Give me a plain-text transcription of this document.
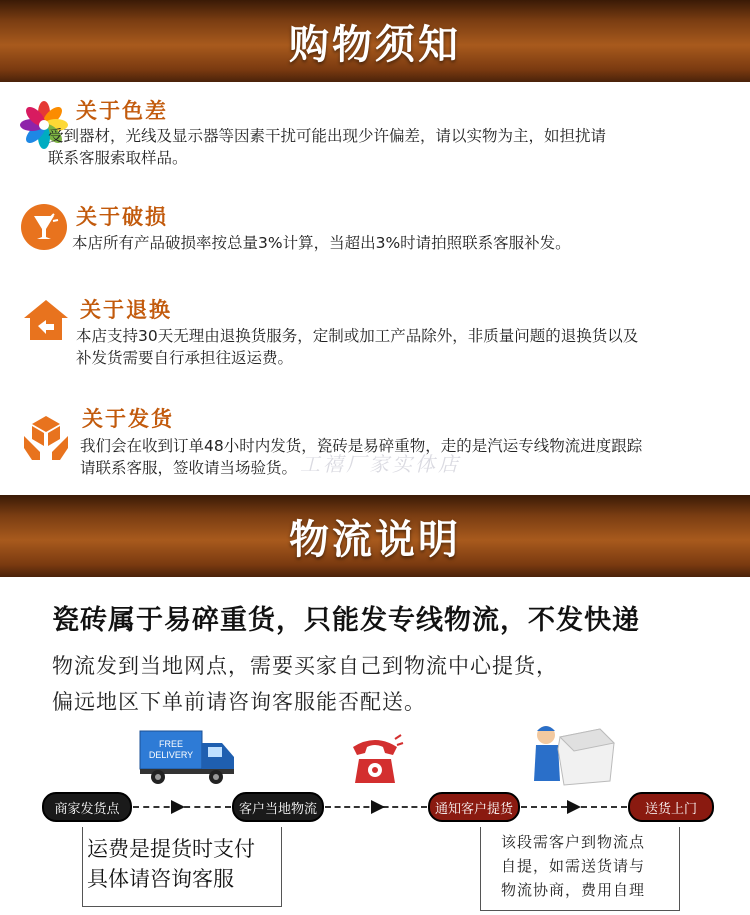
购物须知
关于色差
受到器材，光线及显示器等因素干扰可能出现少许偏差，请以实物为主，如担扰请
联系客服索取样品。
关于破损
本店所有产品破损率按总量3%计算，当超出3%时请拍照联系客服补发。
关于退换
本店支持30天无理由退换货服务，定制或加工产品除外，非质量问题的退换货以及
补发货需要自行承担往返运费。
关于发货
我们会在收到订单48小时内发货，瓷砖是易碎重物，走的是汽运专线物流进度跟踪
请联系客服，签收请当场验货。 工禧厂家实体店
物流说明
瓷砖属于易碎重货，只能发专线物流，不发快递
物流发到当地网点，需要买家自己到物流中心提货，
偏远地区下单前请咨询客服能否配送。
FREE
DELIVERY
商家发货点	客户当地物流	通知客户提货	送货上门
运费是提货时支付
具体请咨询客服
该段需客户到物流点
自提，如需送货请与
物流协商，费用自理
